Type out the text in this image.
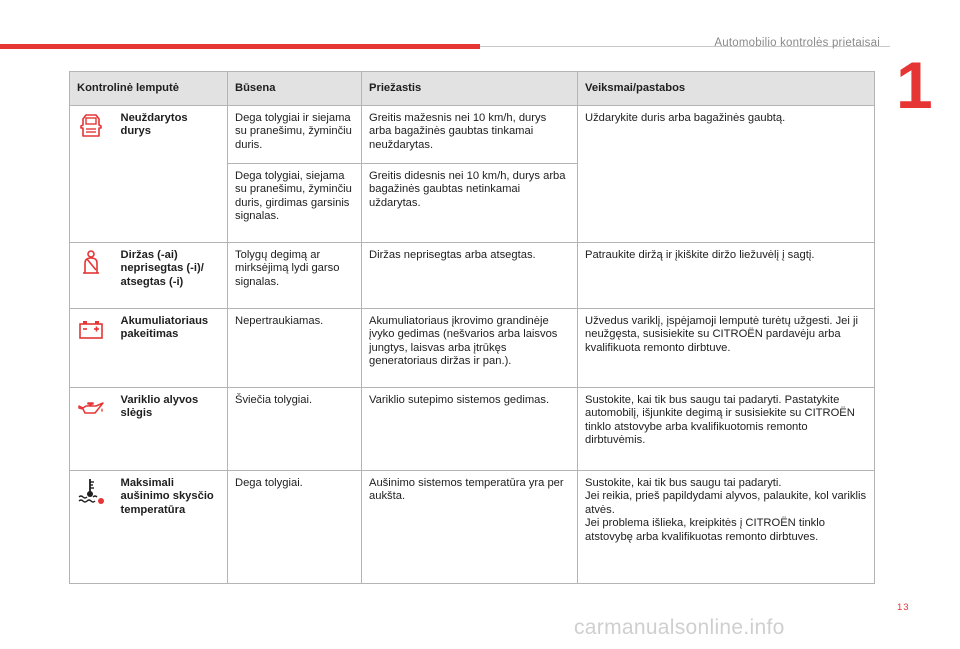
Automobilio kontrolės prietaisai
1
Kontrolinė lemputė		Būsena	Priežastis	Veiksmai/pastabos

	Neuždarytos durys	Dega tolygiai ir siejama su pranešimu, žyminčiu duris.	Greitis mažesnis nei 10 km/h, durys arba bagažinės gaubtas tinkamai neuždarytas.	Uždarykite duris arba bagažinės gaubtą.
		Dega tolygiai, siejama su pranešimu, žyminčiu duris, girdimas garsinis signalas.	Greitis didesnis nei 10 km/h, durys arba bagažinės gaubtas netinkamai uždarytas.	

	Diržas (-ai) neprisegtas (-i)/ atsegtas (-i)	Tolygų degimą ar mirksėjimą lydi garso signalas.	Diržas neprisegtas arba atsegtas.	Patraukite diržą ir įkiškite diržo liežuvėlį į sagtį.

	Akumuliatoriaus pakeitimas	Nepertraukiamas.	Akumuliatoriaus įkrovimo grandinėje įvyko gedimas (nešvarios arba laisvos jungtys, laisvas arba įtrūkęs generatoriaus diržas ir pan.).	Užvedus variklį, įspėjamoji lemputė turėtų užgesti. Jei ji neužgęsta, susisiekite su CITROËN pardavėju arba kvalifikuota remonto dirbtuve.

	Variklio alyvos slėgis	Šviečia tolygiai.	Variklio sutepimo sistemos gedimas.	Sustokite, kai tik bus saugu tai padaryti. Pastatykite automobilį, išjunkite degimą ir susisiekite su CITROËN tinklo atstovybe arba kvalifikuotomis remonto dirbtuvėmis.

	Maksimali aušinimo skysčio temperatūra	Dega tolygiai.	Aušinimo sistemos temperatūra yra per aukšta.	Sustokite, kai tik bus saugu tai padaryti.
Jei reikia, prieš papildydami alyvos, palaukite, kol variklis atvės.
Jei problema išlieka, kreipkitės į CITROËN tinklo atstovybę arba kvalifikuotas remonto dirbtuves.
13
carmanualsonline.info
